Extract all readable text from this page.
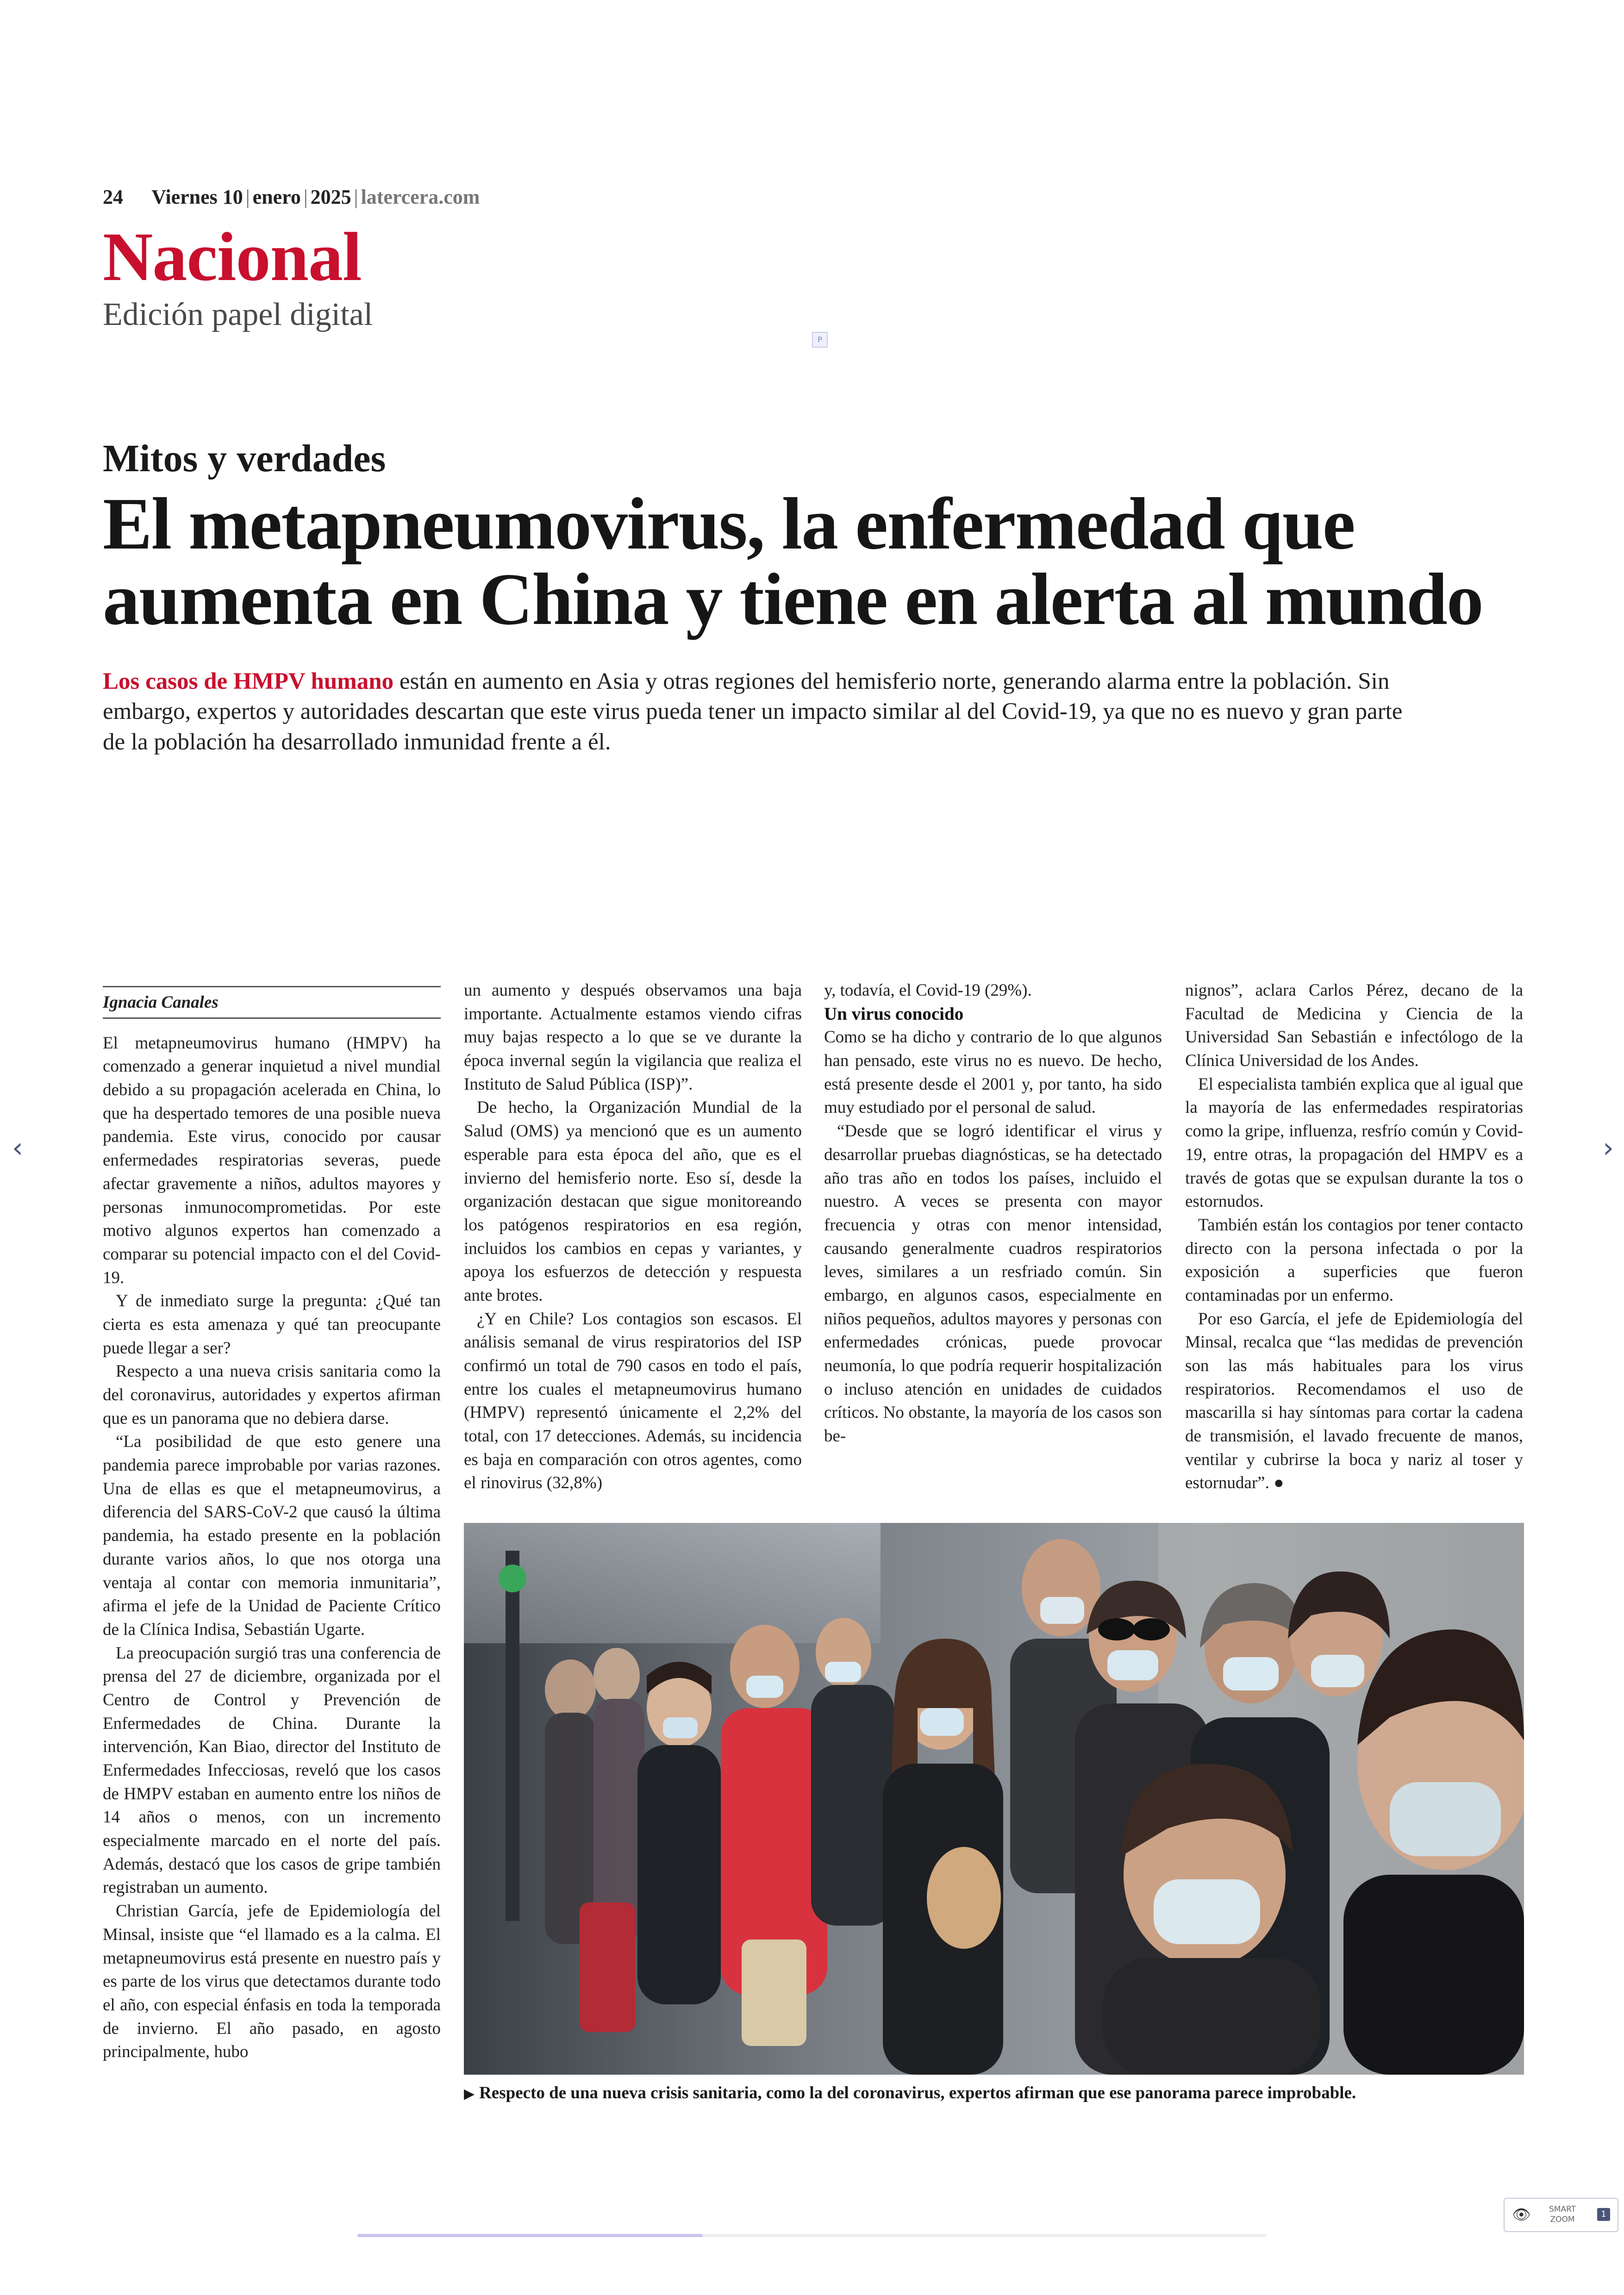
24 Viernes 10 | enero | 2025 | latercera.com
Nacional
Edición papel digital
P
Mitos y verdades
El metapneumovirus, la enfermedad que aumenta en China y tiene en alerta al mundo

Los casos de HMPV humano están en aumento en Asia y otras regiones del hemisferio norte, generando alarma entre la población. Sin embargo, expertos y autoridades descartan que este virus pueda tener un impacto similar al del Covid-19, ya que no es nuevo y gran parte de la población ha desarrollado inmunidad frente a él.

Ignacia Canales

El metapneumovirus humano (HMPV) ha comenzado a generar inquietud a nivel mundial debido a su propagación acelerada en China, lo que ha despertado temores de una posible nueva pandemia. Este virus, conocido por causar enfermedades respiratorias severas, puede afectar gravemente a niños, adultos mayores y personas inmunocomprometidas. Por este motivo algunos expertos han comenzado a comparar su potencial impacto con el del Covid-19.

Y de inmediato surge la pregunta: ¿Qué tan cierta es esta amenaza y qué tan preocupante puede llegar a ser?

Respecto a una nueva crisis sanitaria como la del coronavirus, autoridades y expertos afirman que es un panorama que no debiera darse.

“La posibilidad de que esto genere una pandemia parece improbable por varias razones. Una de ellas es que el metapneumovirus, a diferencia del SARS-CoV-2 que causó la última pandemia, ha estado presente en la población durante varios años, lo que nos otorga una ventaja al contar con memoria inmunitaria”, afirma el jefe de la Unidad de Paciente Crítico de la Clínica Indisa, Sebastián Ugarte.

La preocupación surgió tras una conferencia de prensa del 27 de diciembre, organizada por el Centro de Control y Prevención de Enfermedades de China. Durante la intervención, Kan Biao, director del Instituto de Enfermedades Infecciosas, reveló que los casos de HMPV estaban en aumento entre los niños de 14 años o menos, con un incremento especialmente marcado en el norte del país. Además, destacó que los casos de gripe también registraban un aumento.

Christian García, jefe de Epidemiología del Minsal, insiste que “el llamado es a la calma. El metapneumovirus está presente en nuestro país y es parte de los virus que detectamos durante todo el año, con especial énfasis en toda la temporada de invierno. El año pasado, en agosto principalmente, hubo

un aumento y después observamos una baja importante. Actualmente estamos viendo cifras muy bajas respecto a lo que se ve durante la época invernal según la vigilancia que realiza el Instituto de Salud Pública (ISP)”.

De hecho, la Organización Mundial de la Salud (OMS) ya mencionó que es un aumento esperable para esta época del año, que es el invierno del hemisferio norte. Eso sí, desde la organización destacan que sigue monitoreando los patógenos respiratorios en esa región, incluidos los cambios en cepas y variantes, y apoya los esfuerzos de detección y respuesta ante brotes.

¿Y en Chile? Los contagios son escasos. El análisis semanal de virus respiratorios del ISP confirmó un total de 790 casos en todo el país, entre los cuales el metapneumovirus humano (HMPV) representó únicamente el 2,2% del total, con 17 detecciones. Además, su incidencia es baja en comparación con otros agentes, como el rinovirus (32,8%)

y, todavía, el Covid-19 (29%).

Un virus conocido

Como se ha dicho y contrario de lo que algunos han pensado, este virus no es nuevo. De hecho, está presente desde el 2001 y, por tanto, ha sido muy estudiado por el personal de salud.

“Desde que se logró identificar el virus y desarrollar pruebas diagnósticas, se ha detectado año tras año en todos los países, incluido el nuestro. A veces se presenta con mayor frecuencia y otras con menor intensidad, causando generalmente cuadros respiratorios leves, similares a un resfriado común. Sin embargo, en algunos casos, especialmente en niños pequeños, adultos mayores y personas con enfermedades crónicas, puede provocar neumonía, lo que podría requerir hospitalización o incluso atención en unidades de cuidados críticos. No obstante, la mayoría de los casos son be-

nignos”, aclara Carlos Pérez, decano de la Facultad de Medicina y Ciencia de la Universidad San Sebastián e infectólogo de la Clínica Universidad de los Andes.

El especialista también explica que al igual que la mayoría de las enfermedades respiratorias como la gripe, influenza, resfrío común y Covid-19, entre otras, la propagación del HMPV es a través de gotas que se expulsan durante la tos o estornudos.

También están los contagios por tener contacto directo con la persona infectada o por la exposición a superficies que fueron contaminadas por un enfermo.

Por eso García, el jefe de Epidemiología del Minsal, recalca que “las medidas de prevención son las más habituales para los virus respiratorios. Recomendamos el uso de mascarilla si hay síntomas para cortar la cadena de transmisión, el lavado frecuente de manos, ventilar y cubrirse la boca y nariz al toser y estornudar”. ●

▶ Respecto de una nueva crisis sanitaria, como la del coronavirus, expertos afirman que ese panorama parece improbable.
‹	›
👁	SMART ZOOM
1
